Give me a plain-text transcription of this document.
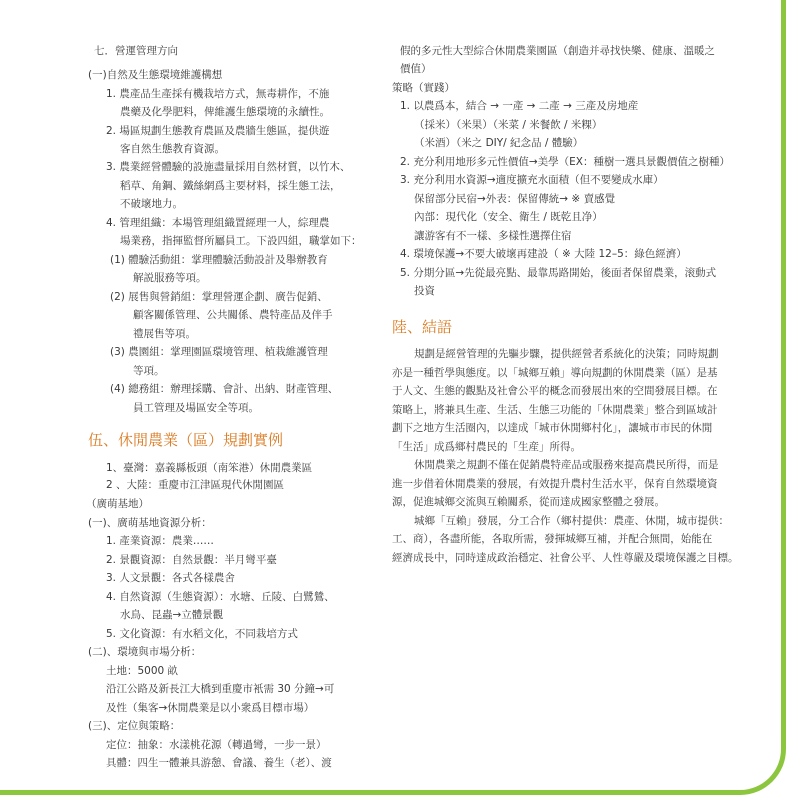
七．營運管理方向
(一)自然及生態環境維護構想
1. 農產品生產採有機栽培方式，無毒耕作，不施
農藥及化學肥料，俾維護生態環境的永續性。
2. 場區規劃生態教育農區及農牆生態區，提供遊
客自然生態教育資源。
3. 農業經營體驗的設施盡量採用自然材質，以竹木、
稻草、角鋼、鐵絲網爲主要材料，採生態工法，
不破壞地力。
4. 管理組織：本場管理組織置經理一人，綜理農
場業務，指揮監督所屬員工。下設四組，職掌如下：
(1) 體驗活動組：掌理體驗活動設計及舉辦教育
解説服務等項。
(2) 展售與營銷組：掌理營運企劃、廣告促銷、
顧客關係管理、公共關係、農特產品及伴手
禮展售等項。
(3) 農園組：掌理園區環境管理、植栽維護管理
等項。
(4) 總務組：辦理採購、會計、出納、財產管理、
員工管理及場區安全等項。
伍、休閒農業（區）規劃實例
1、臺灣：嘉義縣板頭（南笨港）休閒農業區
2 、大陸：重慶市江津區現代休閒園區
（廣萌基地）
(一)、廣萌基地資源分析：
1. 產業資源：農業……
2. 景觀資源：自然景觀：半月彎平臺
3. 人文景觀：各式各樣農舍
4. 自然資源（生態資源）：水塘、丘陵、白鷺鷥、
水鳥、昆蟲→立體景觀
5. 文化資源：有水稻文化，不同栽培方式
(二)、環境與市場分析：
土地：5000 畝
沿江公路及新長江大橋到重慶市衹需 30 分鐘→可
及性（集客→休閒農業是以小衆爲目標市場）
(三)、定位與策略：
定位：抽象：水漾桃花源（轉過彎，一步一景）
具體：四生一體兼具游憩、會議、養生（老）、渡
假的多元性大型綜合休閒農業園區（創造并尋找快樂、健康、溫暖之
價值）
策略（實踐）
1. 以農爲本，結合 → 一產 → 二產 → 三產及房地産
（採米）（米果）（米菜 / 米餐飲 / 米粿）
（米酒）（米之 DIY/ 紀念品 / 體驗）
2. 充分利用地形多元性價值→美學（EX：種樹一選具景觀價值之樹種）
3. 充分利用水資源→適度擴充水面積（但不要變成水庫）
保留部分民宿→外表：保留傳統→ ※ 賣感覺
內部：現代化（安全、衛生 / 既乾且净）
讓游客有不一樣、多樣性選擇住宿
4. 環境保護→不要大破壞再建設（ ※ 大陸 12–5：綠色經濟）
5. 分期分區→先從最亮點、最靠馬路開始，後面者保留農業，滚動式
投資
陸、結語
規劃是經營管理的先驅步驟，提供經營者系統化的決策；同時規劃
亦是一種哲學與態度。以「城鄉互賴」導向規劃的休閒農業（區）是基
于人文、生態的觀點及社會公平的概念而發展出來的空間發展目標。在
策略上，將兼具生產、生活、生態三功能的「休閒農業」整合到區域計
劃下之地方生活圈內，以達成「城市休閒鄉村化」，讓城市市民的休閒
「生活」成爲鄉村農民的「生産」所得。
休閒農業之規劃不僅在促銷農特産品或服務來提高農民所得，而是
進一步借着休閒農業的發展，有效提升農村生活水平，保育自然環境資
源，促進城鄉交流與互賴關系，從而達成國家整體之發展。
城鄉「互賴」發展，分工合作（鄉村提供：農產、休閒，城市提供：
工、商），各盡所能，各取所需，發揮城鄉互補，并配合無間，始能在
經濟成長中，同時達成政治穩定、社會公平、人性尊嚴及環境保護之目標。
